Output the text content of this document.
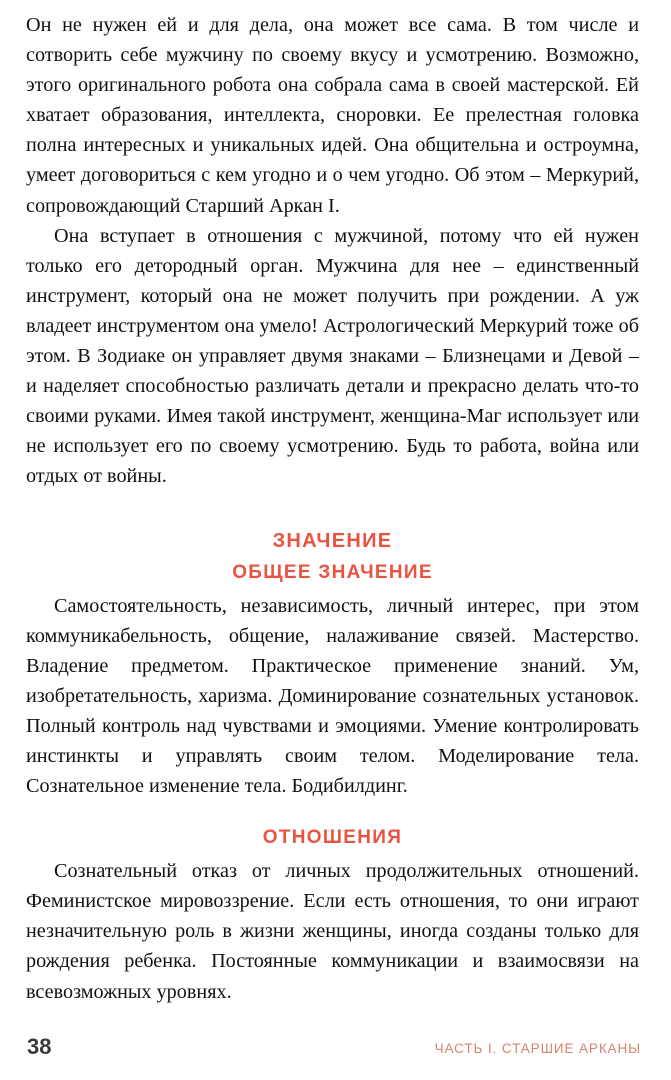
Он не нужен ей и для дела, она может все сама. В том числе и сотворить себе мужчину по своему вкусу и усмотрению. Возможно, этого оригинального робота она собрала сама в своей мастерской. Ей хватает образования, интеллекта, сноровки. Ее прелестная головка полна интересных и уникальных идей. Она общительна и остроумна, умеет договориться с кем угодно и о чем угодно. Об этом – Меркурий, сопровождающий Старший Аркан I.

Она вступает в отношения с мужчиной, потому что ей нужен только его детородный орган. Мужчина для нее – единственный инструмент, который она не может получить при рождении. А уж владеет инструментом она умело! Астрологический Меркурий тоже об этом. В Зодиаке он управляет двумя знаками – Близнецами и Девой – и наделяет способностью различать детали и прекрасно делать что-то своими руками. Имея такой инструмент, женщина-Маг использует или не использует его по своему усмотрению. Будь то работа, война или отдых от войны.

ЗНАЧЕНИЕ
ОБЩЕЕ ЗНАЧЕНИЕ

Самостоятельность, независимость, личный интерес, при этом коммуникабельность, общение, налаживание связей. Мастерство. Владение предметом. Практическое применение знаний. Ум, изобретательность, харизма. Доминирование сознательных установок. Полный контроль над чувствами и эмоциями. Умение контролировать инстинкты и управлять своим телом. Моделирование тела. Сознательное изменение тела. Бодибилдинг.

ОТНОШЕНИЯ

Сознательный отказ от личных продолжительных отношений. Феминистское мировоззрение. Если есть отношения, то они играют незначительную роль в жизни женщины, иногда созданы только для рождения ребенка. Постоянные коммуникации и взаимосвязи на всевозможных уровнях.

38	ЧАСТЬ I. СТАРШИЕ АРКАНЫ
